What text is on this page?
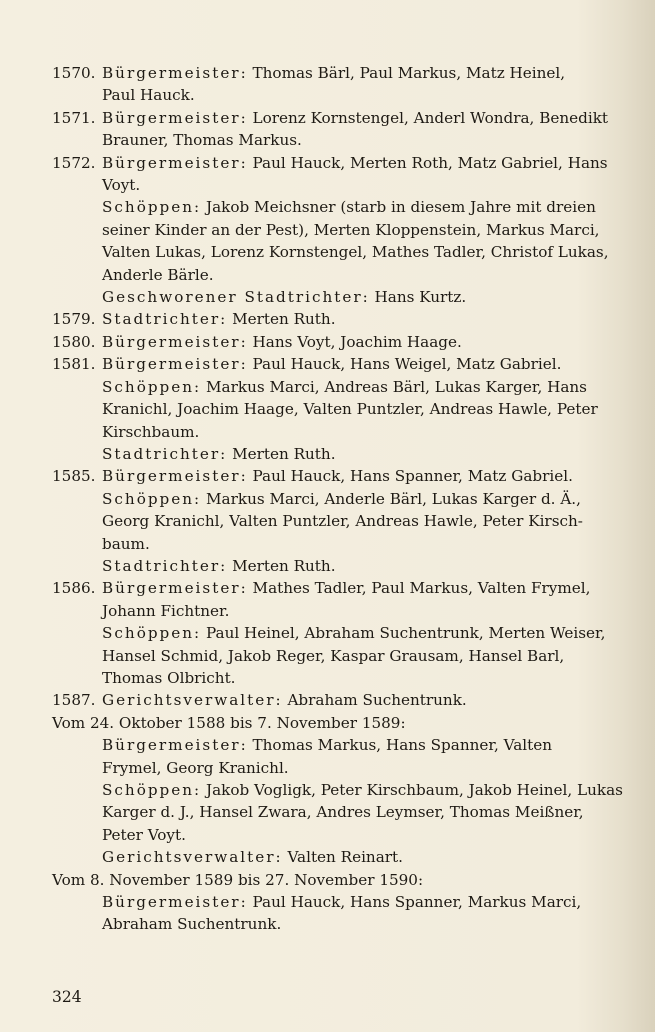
1570. Bürgermeister: Thomas Bärl, Paul Markus, Matz Heinel,
Paul Hauck.
1571. Bürgermeister: Lorenz Kornstengel, Anderl Wondra, Benedikt
Brauner, Thomas Markus.
1572. Bürgermeister: Paul Hauck, Merten Roth, Matz Gabriel, Hans
Voyt.
Schöppen: Jakob Meichsner (starb in diesem Jahre mit dreien
seiner Kinder an der Pest), Merten Kloppenstein, Markus Marci,
Valten Lukas, Lorenz Kornstengel, Mathes Tadler, Christof Lukas,
Anderle Bärle.
Geschworener Stadtrichter: Hans Kurtz.
1579. Stadtrichter: Merten Ruth.
1580. Bürgermeister: Hans Voyt, Joachim Haage.
1581. Bürgermeister: Paul Hauck, Hans Weigel, Matz Gabriel.
Schöppen: Markus Marci, Andreas Bärl, Lukas Karger, Hans
Kranichl, Joachim Haage, Valten Puntzler, Andreas Hawle, Peter
Kirschbaum.
Stadtrichter: Merten Ruth.
1585. Bürgermeister: Paul Hauck, Hans Spanner, Matz Gabriel.
Schöppen: Markus Marci, Anderle Bärl, Lukas Karger d. Ä.,
Georg Kranichl, Valten Puntzler, Andreas Hawle, Peter Kirsch-
baum.
Stadtrichter: Merten Ruth.
1586. Bürgermeister: Mathes Tadler, Paul Markus, Valten Frymel,
Johann Fichtner.
Schöppen: Paul Heinel, Abraham Suchentrunk, Merten Weiser,
Hansel Schmid, Jakob Reger, Kaspar Grausam, Hansel Barl,
Thomas Olbricht.
1587. Gerichtsverwalter: Abraham Suchentrunk.
Vom 24. Oktober 1588 bis 7. November 1589:
Bürgermeister: Thomas Markus, Hans Spanner, Valten
Frymel, Georg Kranichl.
Schöppen: Jakob Vogligk, Peter Kirschbaum, Jakob Heinel, Lukas
Karger d. J., Hansel Zwara, Andres Leymser, Thomas Meißner,
Peter Voyt.
Gerichtsverwalter: Valten Reinart.
Vom 8. November 1589 bis 27. November 1590:
Bürgermeister: Paul Hauck, Hans Spanner, Markus Marci,
Abraham Suchentrunk.
324
